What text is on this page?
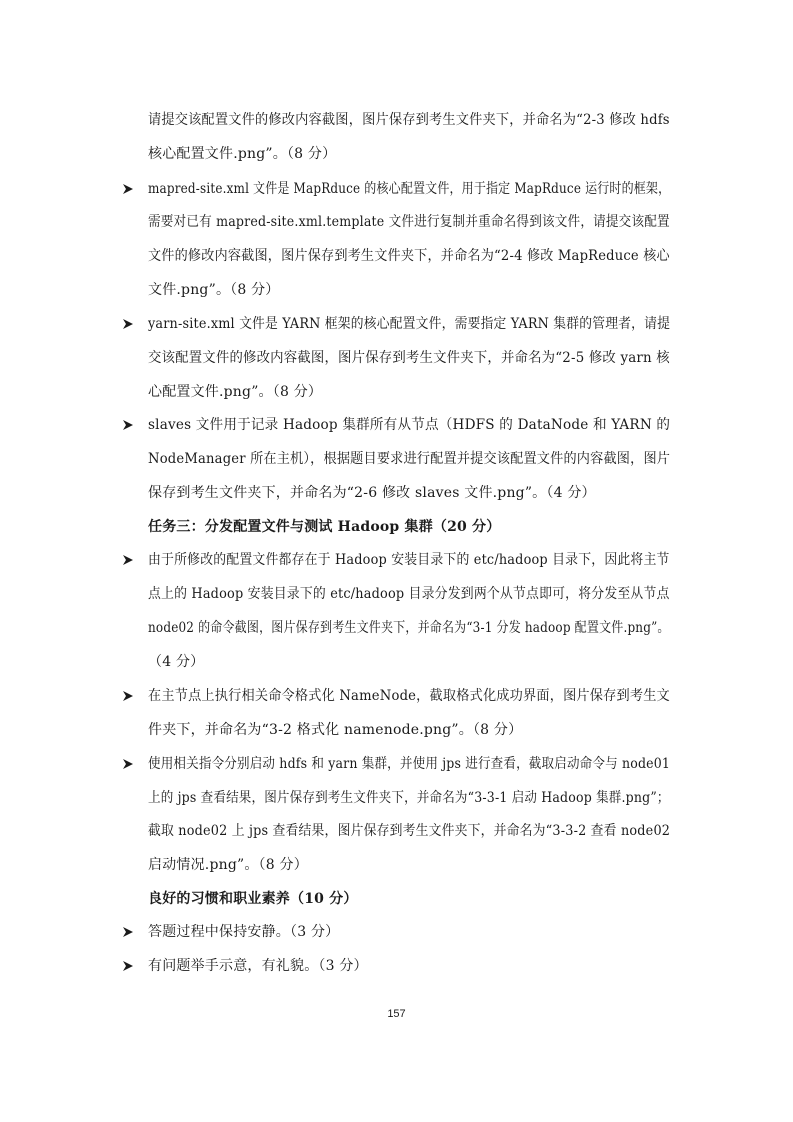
请提交该配置文件的修改内容截图，图片保存到考生文件夹下，并命名为“2-3 修改 hdfs
核心配置文件.png”。（8 分）
mapred-site.xml 文件是 MapRduce 的核心配置文件，用于指定 MapRduce 运行时的框架，
需要对已有 mapred-site.xml.template 文件进行复制并重命名得到该文件，请提交该配置
文件的修改内容截图，图片保存到考生文件夹下，并命名为“2-4 修改 MapReduce 核心
文件.png”。（8 分）
yarn-site.xml 文件是 YARN 框架的核心配置文件，需要指定 YARN 集群的管理者，请提
交该配置文件的修改内容截图，图片保存到考生文件夹下，并命名为“2-5 修改 yarn 核
心配置文件.png”。（8 分）
slaves 文件用于记录 Hadoop 集群所有从节点（HDFS 的 DataNode 和 YARN 的
NodeManager 所在主机），根据题目要求进行配置并提交该配置文件的内容截图，图片
保存到考生文件夹下，并命名为“2-6 修改 slaves 文件.png”。（4 分）
任务三：分发配置文件与测试 Hadoop 集群（20 分）
由于所修改的配置文件都存在于 Hadoop 安装目录下的 etc/hadoop 目录下，因此将主节
点上的 Hadoop 安装目录下的 etc/hadoop 目录分发到两个从节点即可，将分发至从节点
node02 的命令截图，图片保存到考生文件夹下，并命名为“3-1 分发 hadoop 配置文件.png”。
（4 分）
在主节点上执行相关命令格式化 NameNode，截取格式化成功界面，图片保存到考生文
件夹下，并命名为“3-2 格式化 namenode.png”。（8 分）
使用相关指令分别启动 hdfs 和 yarn 集群，并使用 jps 进行查看，截取启动命令与 node01
上的 jps 查看结果，图片保存到考生文件夹下，并命名为“3-3-1 启动 Hadoop 集群.png”；
截取 node02 上 jps 查看结果，图片保存到考生文件夹下，并命名为“3-3-2 查看 node02
启动情况.png”。（8 分）
良好的习惯和职业素养（10 分）
答题过程中保持安静。（3 分）
有问题举手示意，有礼貌。（3 分）
157
